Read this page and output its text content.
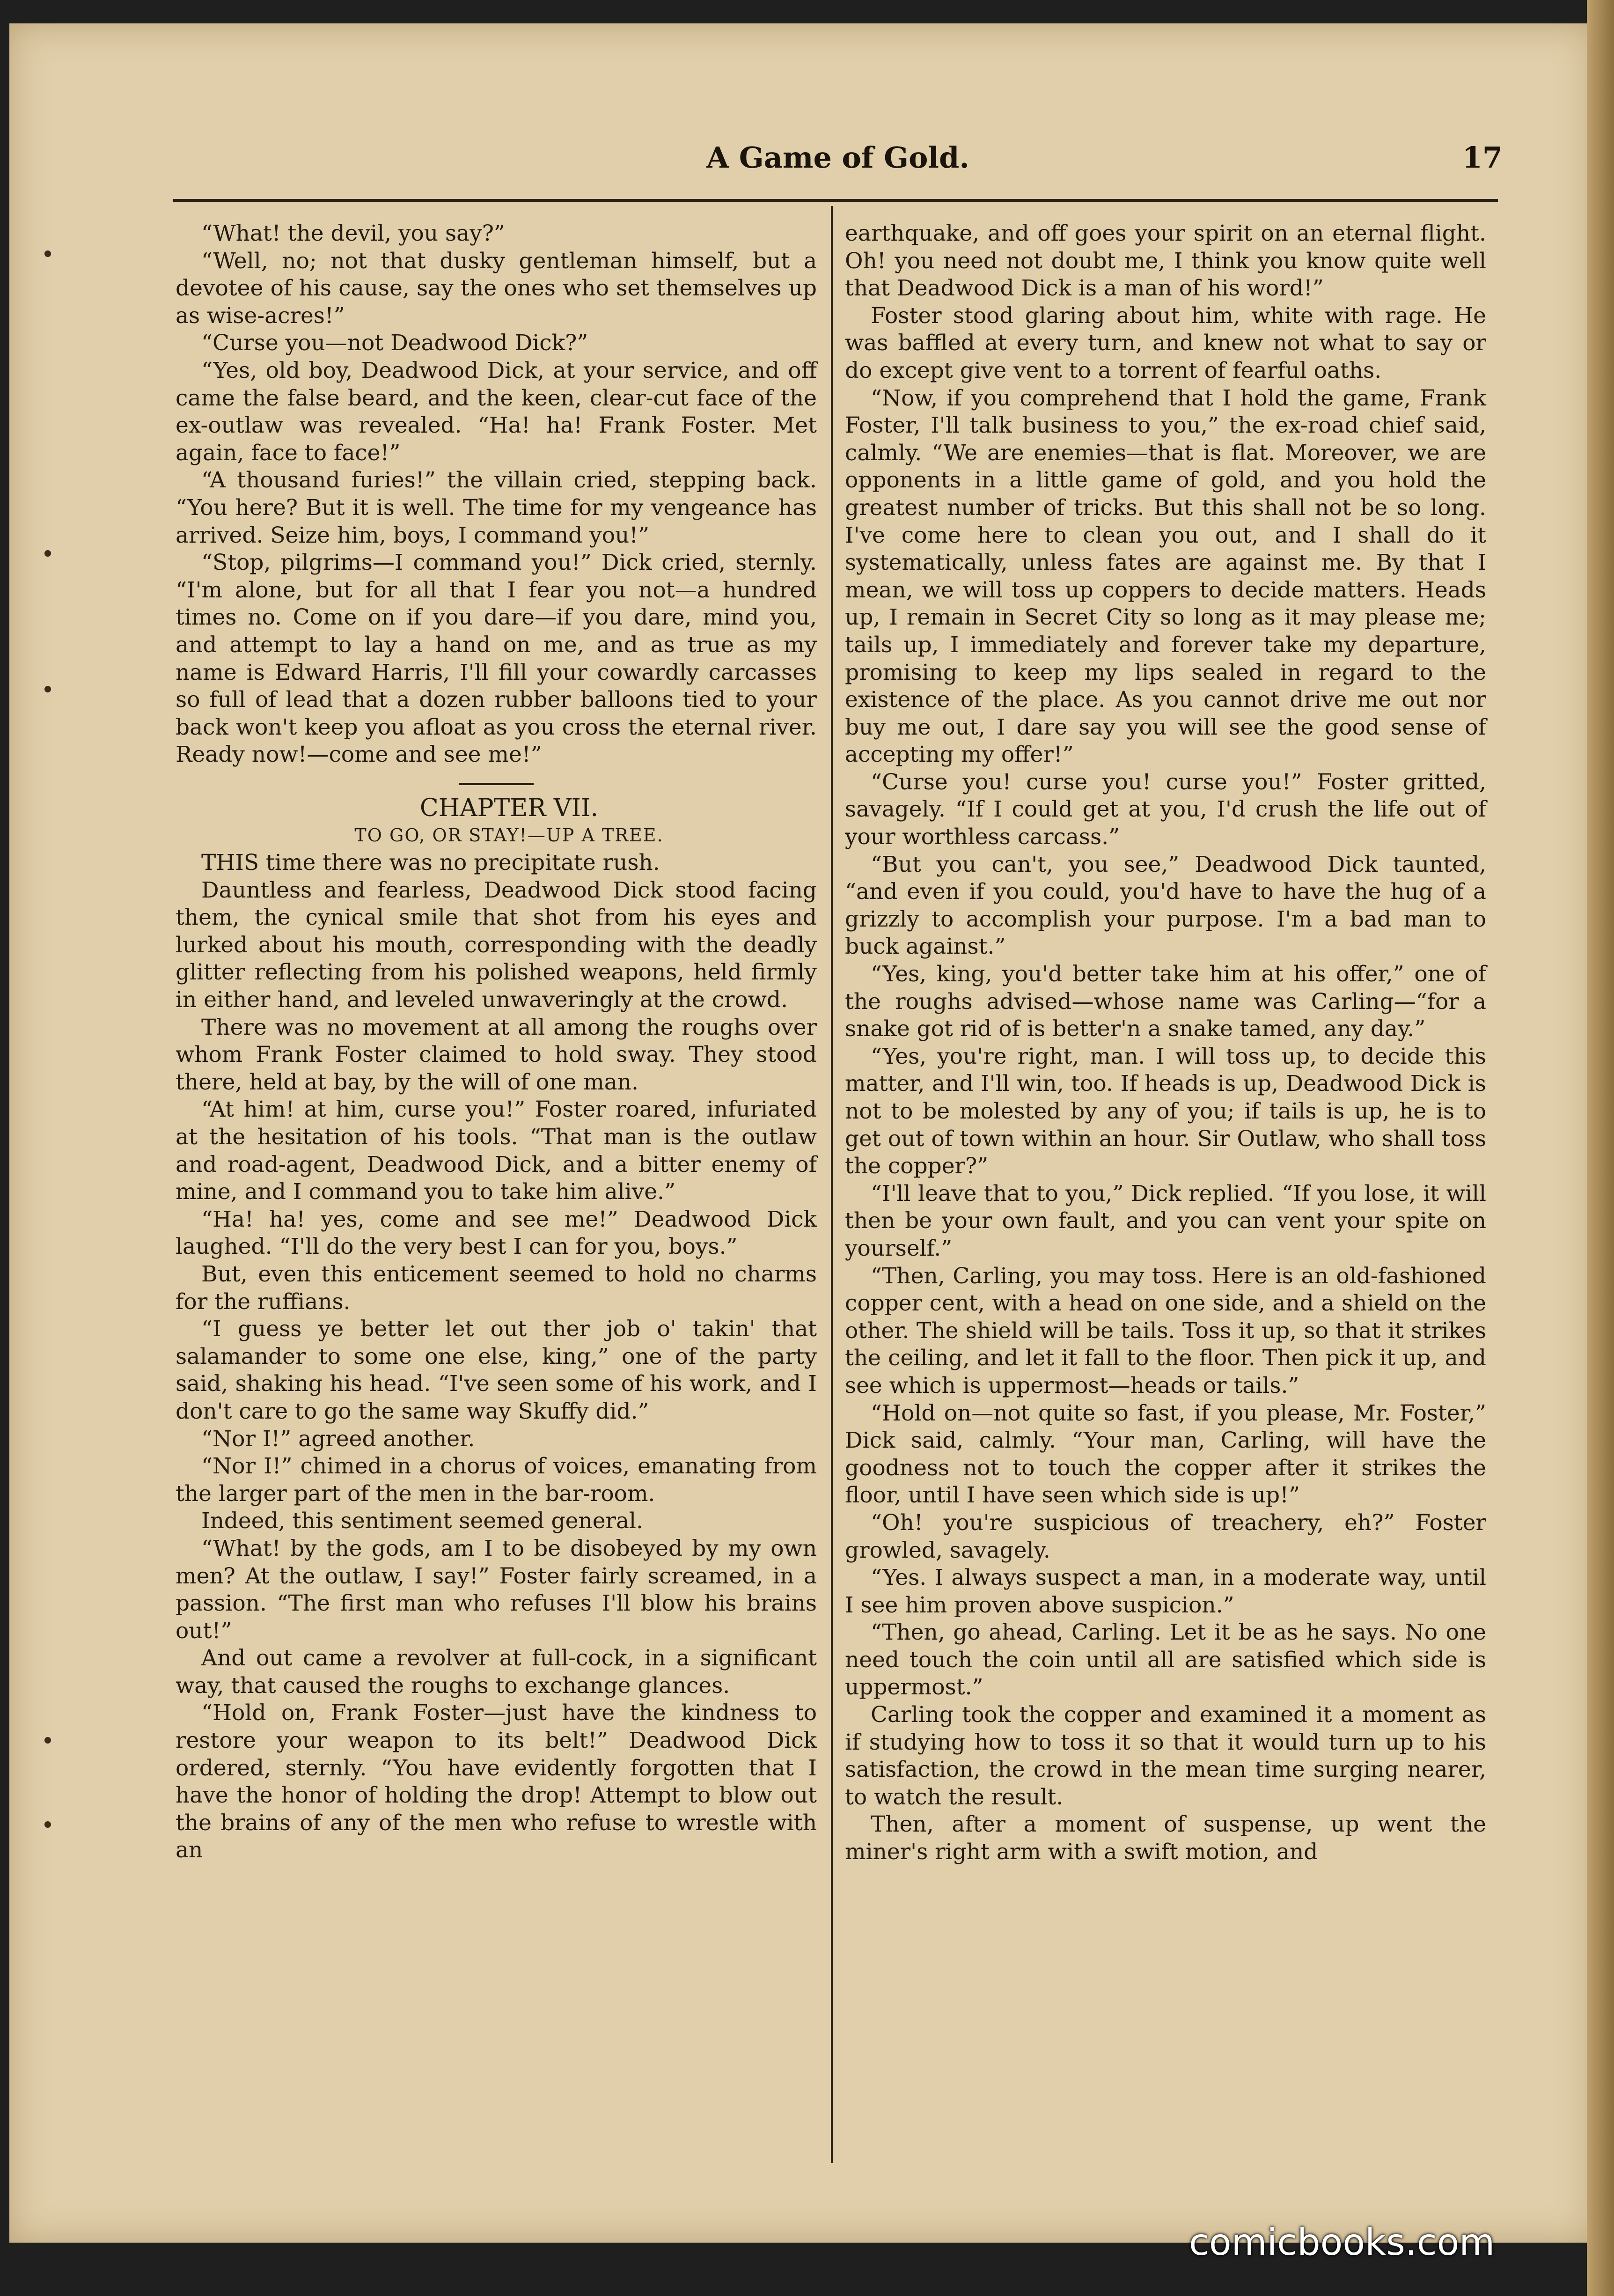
A Game of Gold.	17

“What! the devil, you say?”

“Well, no; not that dusky gentleman himself, but a devotee of his cause, say the ones who set themselves up as wise-acres!”

“Curse you—not Deadwood Dick?”

“Yes, old boy, Deadwood Dick, at your service, and off came the false beard, and the keen, clear-cut face of the ex-outlaw was revealed. “Ha! ha! Frank Foster. Met again, face to face!”

“A thousand furies!” the villain cried, stepping back. “You here? But it is well. The time for my vengeance has arrived. Seize him, boys, I command you!”

“Stop, pilgrims—I command you!” Dick cried, sternly. “I'm alone, but for all that I fear you not—a hundred times no. Come on if you dare—if you dare, mind you, and attempt to lay a hand on me, and as true as my name is Edward Harris, I'll fill your cowardly carcasses so full of lead that a dozen rubber balloons tied to your back won't keep you afloat as you cross the eternal river. Ready now!—come and see me!”

CHAPTER VII.

TO GO, OR STAY!—UP A TREE.

THIS time there was no precipitate rush.

Dauntless and fearless, Deadwood Dick stood facing them, the cynical smile that shot from his eyes and lurked about his mouth, corresponding with the deadly glitter reflecting from his polished weapons, held firmly in either hand, and leveled unwaveringly at the crowd.

There was no movement at all among the roughs over whom Frank Foster claimed to hold sway. They stood there, held at bay, by the will of one man.

“At him! at him, curse you!” Foster roared, infuriated at the hesitation of his tools. “That man is the outlaw and road-agent, Deadwood Dick, and a bitter enemy of mine, and I command you to take him alive.”

“Ha! ha! yes, come and see me!” Deadwood Dick laughed. “I'll do the very best I can for you, boys.”

But, even this enticement seemed to hold no charms for the ruffians.

“I guess ye better let out ther job o' takin' that salamander to some one else, king,” one of the party said, shaking his head. “I've seen some of his work, and I don't care to go the same way Skuffy did.”

“Nor I!” agreed another.

“Nor I!” chimed in a chorus of voices, emanating from the larger part of the men in the bar-room.

Indeed, this sentiment seemed general.

“What! by the gods, am I to be disobeyed by my own men? At the outlaw, I say!” Foster fairly screamed, in a passion. “The first man who refuses I'll blow his brains out!”

And out came a revolver at full-cock, in a significant way, that caused the roughs to exchange glances.

“Hold on, Frank Foster—just have the kindness to restore your weapon to its belt!” Deadwood Dick ordered, sternly. “You have evidently forgotten that I have the honor of holding the drop! Attempt to blow out the brains of any of the men who refuse to wrestle with an

earthquake, and off goes your spirit on an eternal flight. Oh! you need not doubt me, I think you know quite well that Deadwood Dick is a man of his word!”

Foster stood glaring about him, white with rage. He was baffled at every turn, and knew not what to say or do except give vent to a torrent of fearful oaths.

“Now, if you comprehend that I hold the game, Frank Foster, I'll talk business to you,” the ex-road chief said, calmly. “We are enemies—that is flat. Moreover, we are opponents in a little game of gold, and you hold the greatest number of tricks. But this shall not be so long. I've come here to clean you out, and I shall do it systematically, unless fates are against me. By that I mean, we will toss up coppers to decide matters. Heads up, I remain in Secret City so long as it may please me; tails up, I immediately and forever take my departure, promising to keep my lips sealed in regard to the existence of the place. As you cannot drive me out nor buy me out, I dare say you will see the good sense of accepting my offer!”

“Curse you! curse you! curse you!” Foster gritted, savagely. “If I could get at you, I'd crush the life out of your worthless carcass.”

“But you can't, you see,” Deadwood Dick taunted, “and even if you could, you'd have to have the hug of a grizzly to accomplish your purpose. I'm a bad man to buck against.”

“Yes, king, you'd better take him at his offer,” one of the roughs advised—whose name was Carling—“for a snake got rid of is better'n a snake tamed, any day.”

“Yes, you're right, man. I will toss up, to decide this matter, and I'll win, too. If heads is up, Deadwood Dick is not to be molested by any of you; if tails is up, he is to get out of town within an hour. Sir Outlaw, who shall toss the copper?”

“I'll leave that to you,” Dick replied. “If you lose, it will then be your own fault, and you can vent your spite on yourself.”

“Then, Carling, you may toss. Here is an old-fashioned copper cent, with a head on one side, and a shield on the other. The shield will be tails. Toss it up, so that it strikes the ceiling, and let it fall to the floor. Then pick it up, and see which is uppermost—heads or tails.”

“Hold on—not quite so fast, if you please, Mr. Foster,” Dick said, calmly. “Your man, Carling, will have the goodness not to touch the copper after it strikes the floor, until I have seen which side is up!”

“Oh! you're suspicious of treachery, eh?” Foster growled, savagely.

“Yes. I always suspect a man, in a moderate way, until I see him proven above suspicion.”

“Then, go ahead, Carling. Let it be as he says. No one need touch the coin until all are satisfied which side is uppermost.”

Carling took the copper and examined it a moment as if studying how to toss it so that it would turn up to his satisfaction, the crowd in the mean time surging nearer, to watch the result.

Then, after a moment of suspense, up went the miner's right arm with a swift motion, and

comicbooks.com
